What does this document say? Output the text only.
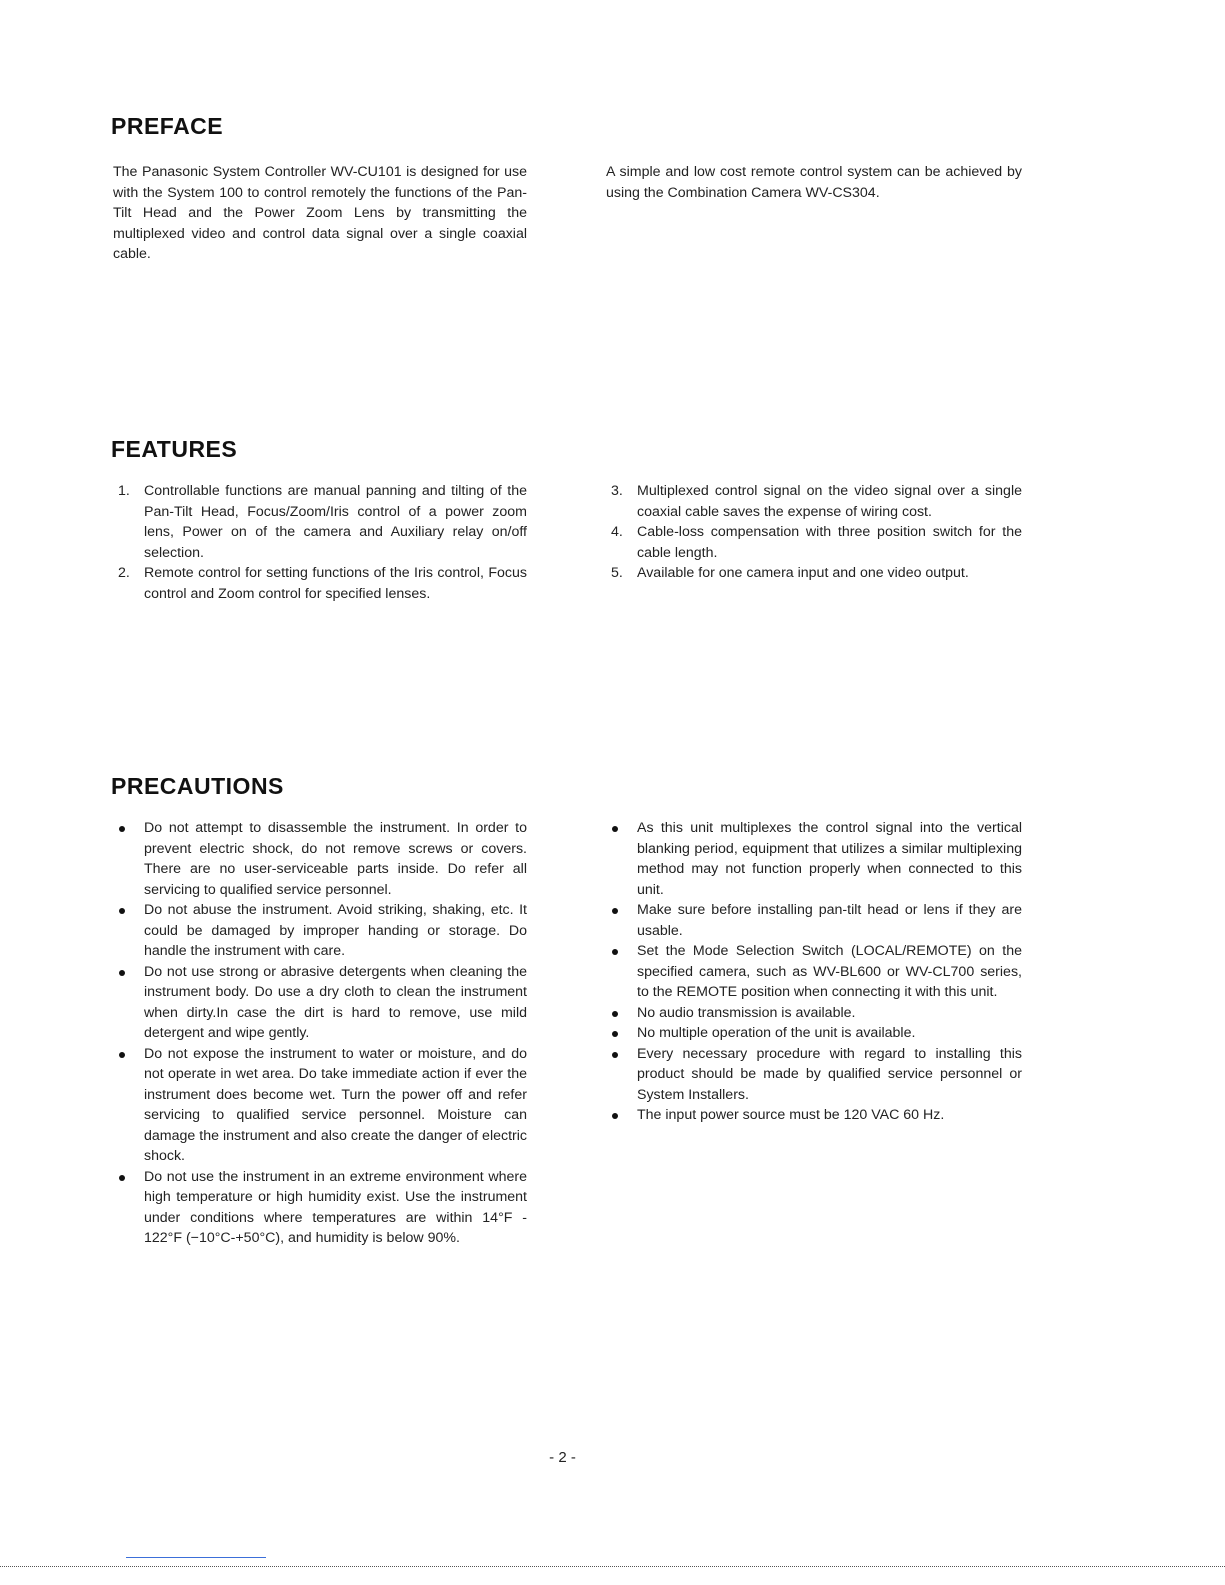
PREFACE

The Panasonic System Controller WV-CU101 is designed for use with the System 100 to control remotely the functions of the Pan-Tilt Head and the Power Zoom Lens by transmitting the multiplexed video and control data signal over a single coaxial cable.

A simple and low cost remote control system can be achieved by using the Combination Camera WV-CS304.

FEATURES
1. Controllable functions are manual panning and tilting of the Pan-Tilt Head, Focus/Zoom/Iris control of a power zoom lens, Power on of the camera and Auxiliary relay on/off selection.
2. Remote control for setting functions of the Iris control, Focus control and Zoom control for specified lenses.
3. Multiplexed control signal on the video signal over a single coaxial cable saves the expense of wiring cost.
4. Cable-loss compensation with three position switch for the cable length.
5. Available for one camera input and one video output.
PRECAUTIONS
Do not attempt to disassemble the instrument. In order to prevent electric shock, do not remove screws or covers. There are no user-serviceable parts inside. Do refer all servicing to qualified service personnel.
Do not abuse the instrument. Avoid striking, shaking, etc. It could be damaged by improper handing or storage. Do handle the instrument with care.
Do not use strong or abrasive detergents when cleaning the instrument body. Do use a dry cloth to clean the instrument when dirty.In case the dirt is hard to remove, use mild detergent and wipe gently.
Do not expose the instrument to water or moisture, and do not operate in wet area. Do take immediate action if ever the instrument does become wet. Turn the power off and refer servicing to qualified service personnel. Moisture can damage the instrument and also create the danger of electric shock.
Do not use the instrument in an extreme environment where high temperature or high humidity exist. Use the instrument under conditions where temperatures are within 14°F - 122°F (−10°C-+50°C), and humidity is below 90%.
As this unit multiplexes the control signal into the vertical blanking period, equipment that utilizes a similar multiplexing method may not function properly when connected to this unit.
Make sure before installing pan-tilt head or lens if they are usable.
Set the Mode Selection Switch (LOCAL/REMOTE) on the specified camera, such as WV-BL600 or WV-CL700 series, to the REMOTE position when connecting it with this unit.
No audio transmission is available.
No multiple operation of the unit is available.
Every necessary procedure with regard to installing this product should be made by qualified service personnel or System Installers.
The input power source must be 120 VAC 60 Hz.
- 2 -
